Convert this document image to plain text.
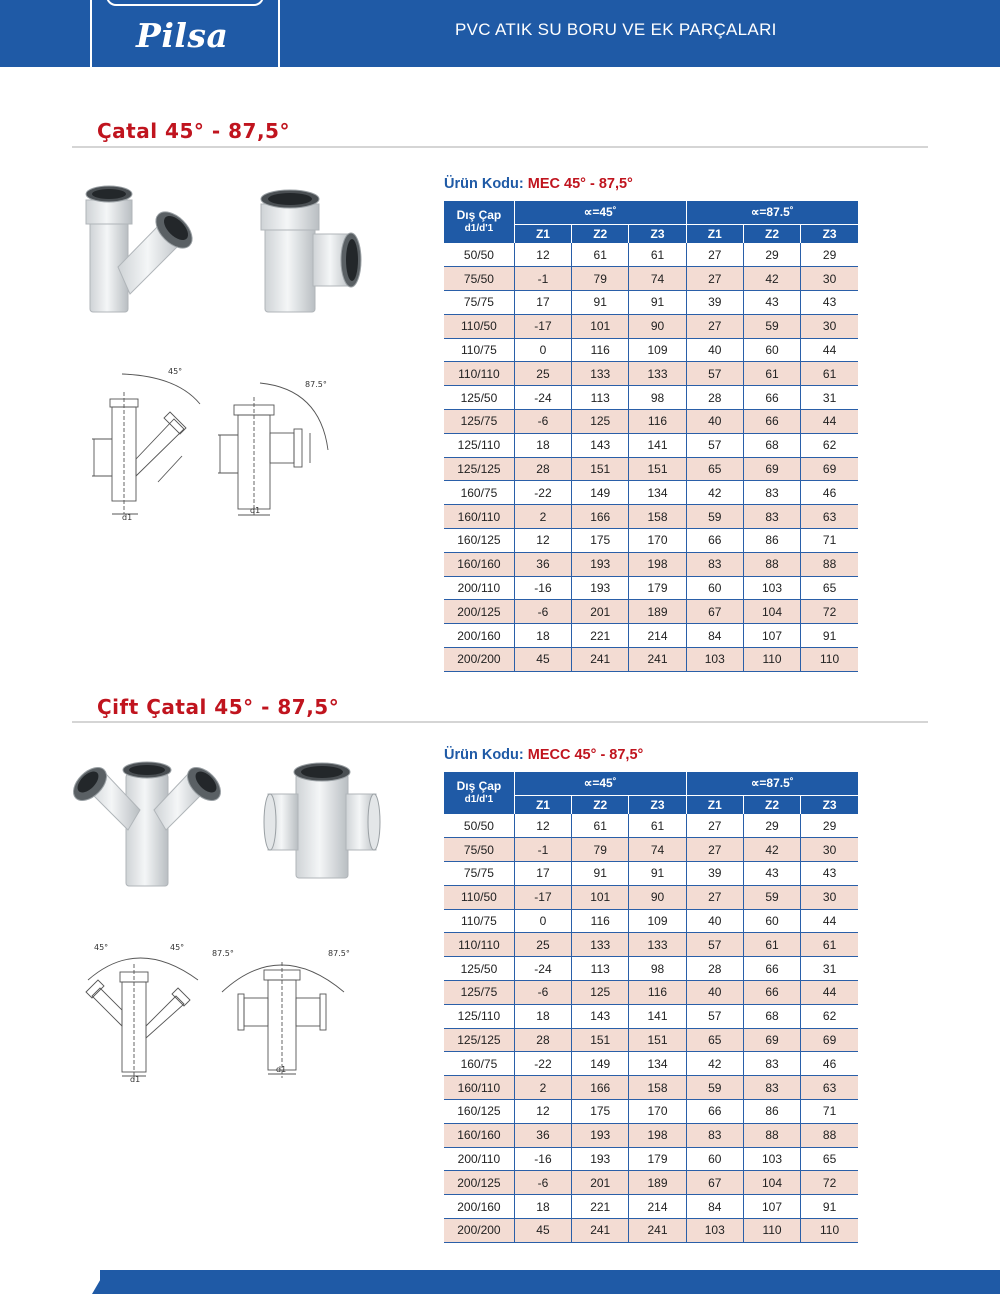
Pilsa	PVC ATIK SU BORU VE EK PARÇALARI
Çatal 45° - 87,5°
45°
d1
87.5°
d1
Ürün Kodu: MEC 45° - 87,5°
Dış Çap
d1/d'1	∝=45˚			∝=87.5˚		
	Z1	Z2	Z3	Z1	Z2	Z3
50/50	12	61	61	27	29	29
75/50	-1	79	74	27	42	30
75/75	17	91	91	39	43	43
110/50	-17	101	90	27	59	30
110/75	0	116	109	40	60	44
110/110	25	133	133	57	61	61
125/50	-24	113	98	28	66	31
125/75	-6	125	116	40	66	44
125/110	18	143	141	57	68	62
125/125	28	151	151	65	69	69
160/75	-22	149	134	42	83	46
160/110	2	166	158	59	83	63
160/125	12	175	170	66	86	71
160/160	36	193	198	83	88	88
200/110	-16	193	179	60	103	65
200/125	-6	201	189	67	104	72
200/160	18	221	214	84	107	91
200/200	45	241	241	103	110	110
Çift Çatal 45° - 87,5°
45°	45°
d1
87.5°	87.5°
d1
Ürün Kodu: MECC 45° - 87,5°
Dış Çap
d1/d'1	∝=45˚			∝=87.5˚		
	Z1	Z2	Z3	Z1	Z2	Z3
50/50	12	61	61	27	29	29
75/50	-1	79	74	27	42	30
75/75	17	91	91	39	43	43
110/50	-17	101	90	27	59	30
110/75	0	116	109	40	60	44
110/110	25	133	133	57	61	61
125/50	-24	113	98	28	66	31
125/75	-6	125	116	40	66	44
125/110	18	143	141	57	68	62
125/125	28	151	151	65	69	69
160/75	-22	149	134	42	83	46
160/110	2	166	158	59	83	63
160/125	12	175	170	66	86	71
160/160	36	193	198	83	88	88
200/110	-16	193	179	60	103	65
200/125	-6	201	189	67	104	72
200/160	18	221	214	84	107	91
200/200	45	241	241	103	110	110
